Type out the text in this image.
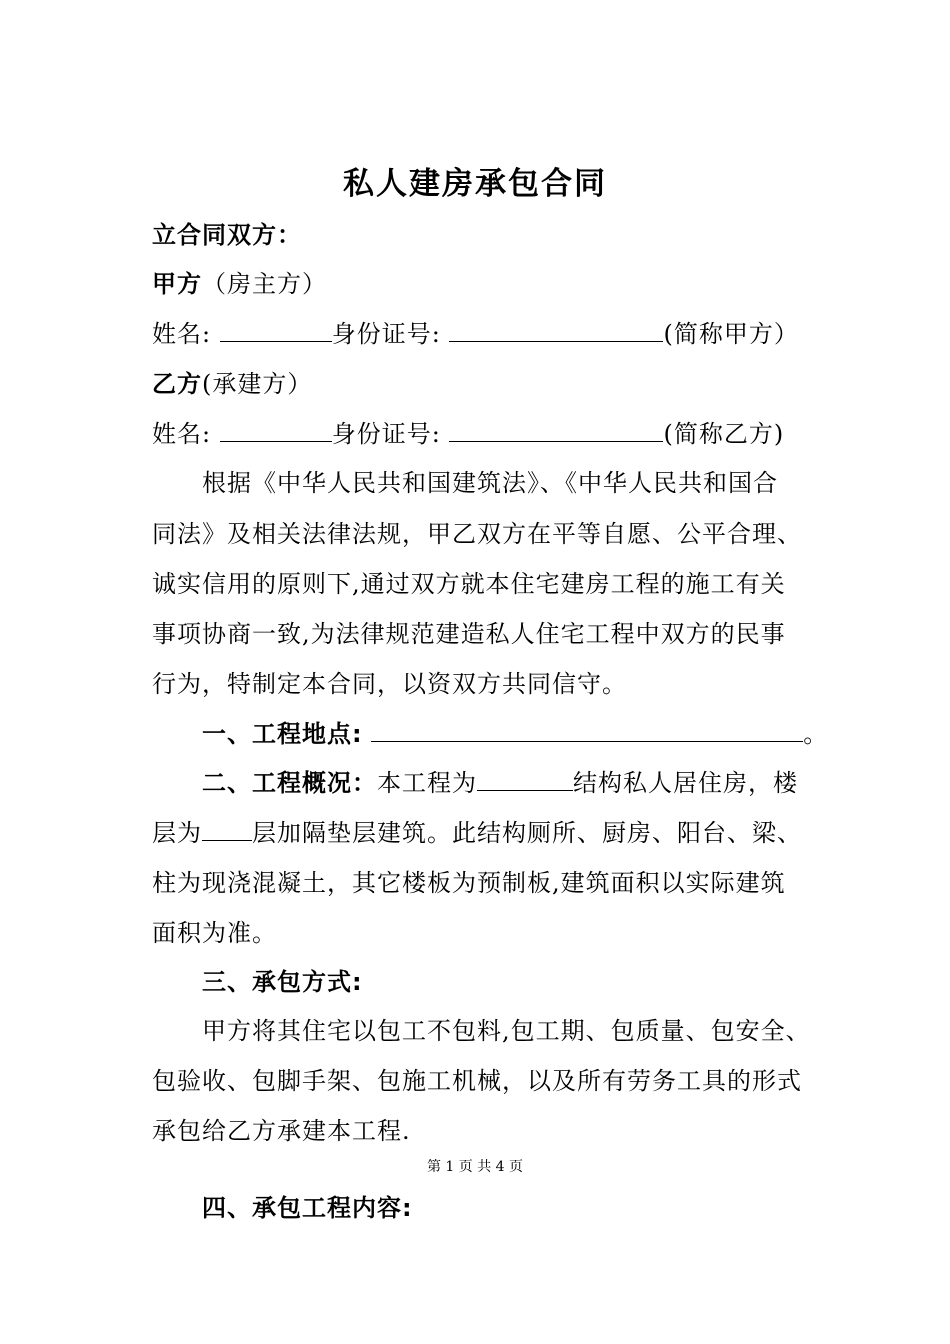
私人建房承包合同
立合同双方：
甲方（房主方）
姓名:	身份证号:	(简称甲方）
乙方(承建方）
姓名:	身份证号:	(简称乙方)
根据《中华人民共和国建筑法》、《中华人民共和国合
同法》及相关法律法规，甲乙双方在平等自愿、公平合理、
诚实信用的原则下,通过双方就本住宅建房工程的施工有关
事项协商一致,为法律规范建造私人住宅工程中双方的民事
行为，特制定本合同，以资双方共同信守。
一、工程地点:	。
二、工程概况：本工程为	结构私人居住房，楼
层为 层加隔垫层建筑。此结构厕所、厨房、阳台、梁、
柱为现浇混凝土，其它楼板为预制板,建筑面积以实际建筑
面积为准。
三、承包方式:
甲方将其住宅以包工不包料,包工期、包质量、包安全、
包验收、包脚手架、包施工机械，以及所有劳务工具的形式
承包给乙方承建本工程.
第 1 页 共 4 页
四、承包工程内容:
